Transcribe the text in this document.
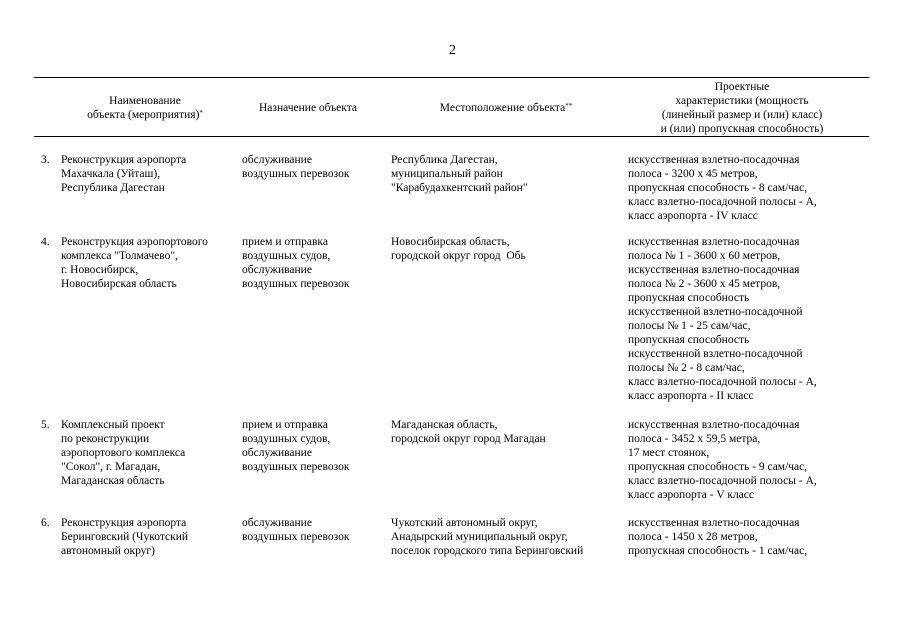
2
Наименование
объекта (мероприятия)*	Назначение объекта	Местоположение объекта**
Проектные
характеристики (мощность
(линейный размер и (или) класс)
и (или) пропускная способность)
3. Реконструкция аэропорта
Махачкала (Уйташ),
Республика Дагестан
обслуживание
воздушных перевозок
Республика Дагестан,
муниципальный район
"Карабудахкентский район"
искусственная взлетно-посадочная
полоса - 3200 х 45 метров,
пропускная способность - 8 сам/час,
класс взлетно-посадочной полосы - А,
класс аэропорта - IV класс
4. Реконструкция аэропортового
комплекса "Толмачево",
г. Новосибирск,
Новосибирская область
прием и отправка
воздушных судов,
обслуживание
воздушных перевозок
Новосибирская область,
городской округ город  Обь
искусственная взлетно-посадочная
полоса № 1 - 3600 х 60 метров,
искусственная взлетно-посадочная
полоса № 2 - 3600 х 45 метров,
пропускная способность
искусственной взлетно-посадочной
полосы № 1 - 25 сам/час,
пропускная способность
искусственной взлетно-посадочной
полосы № 2 - 8 сам/час,
класс взлетно-посадочной полосы - А,
класс аэропорта - II класс
5. Комплексный проект
по реконструкции
аэропортового комплекса
"Сокол", г. Магадан,
Магаданская область
прием и отправка
воздушных судов,
обслуживание
воздушных перевозок
Магаданская область,
городской округ город Магадан
искусственная взлетно-посадочная
полоса - 3452 х 59,5 метра,
17 мест стоянок,
пропускная способность - 9 сам/час,
класс взлетно-посадочной полосы - А,
класс аэропорта - V класс
6. Реконструкция аэропорта
Беринговский (Чукотский
автономный округ)
обслуживание
воздушных перевозок
Чукотский автономный округ,
Анадырский муниципальный округ,
поселок городского типа Беринговский
искусственная взлетно-посадочная
полоса - 1450 х 28 метров,
пропускная способность - 1 сам/час,
